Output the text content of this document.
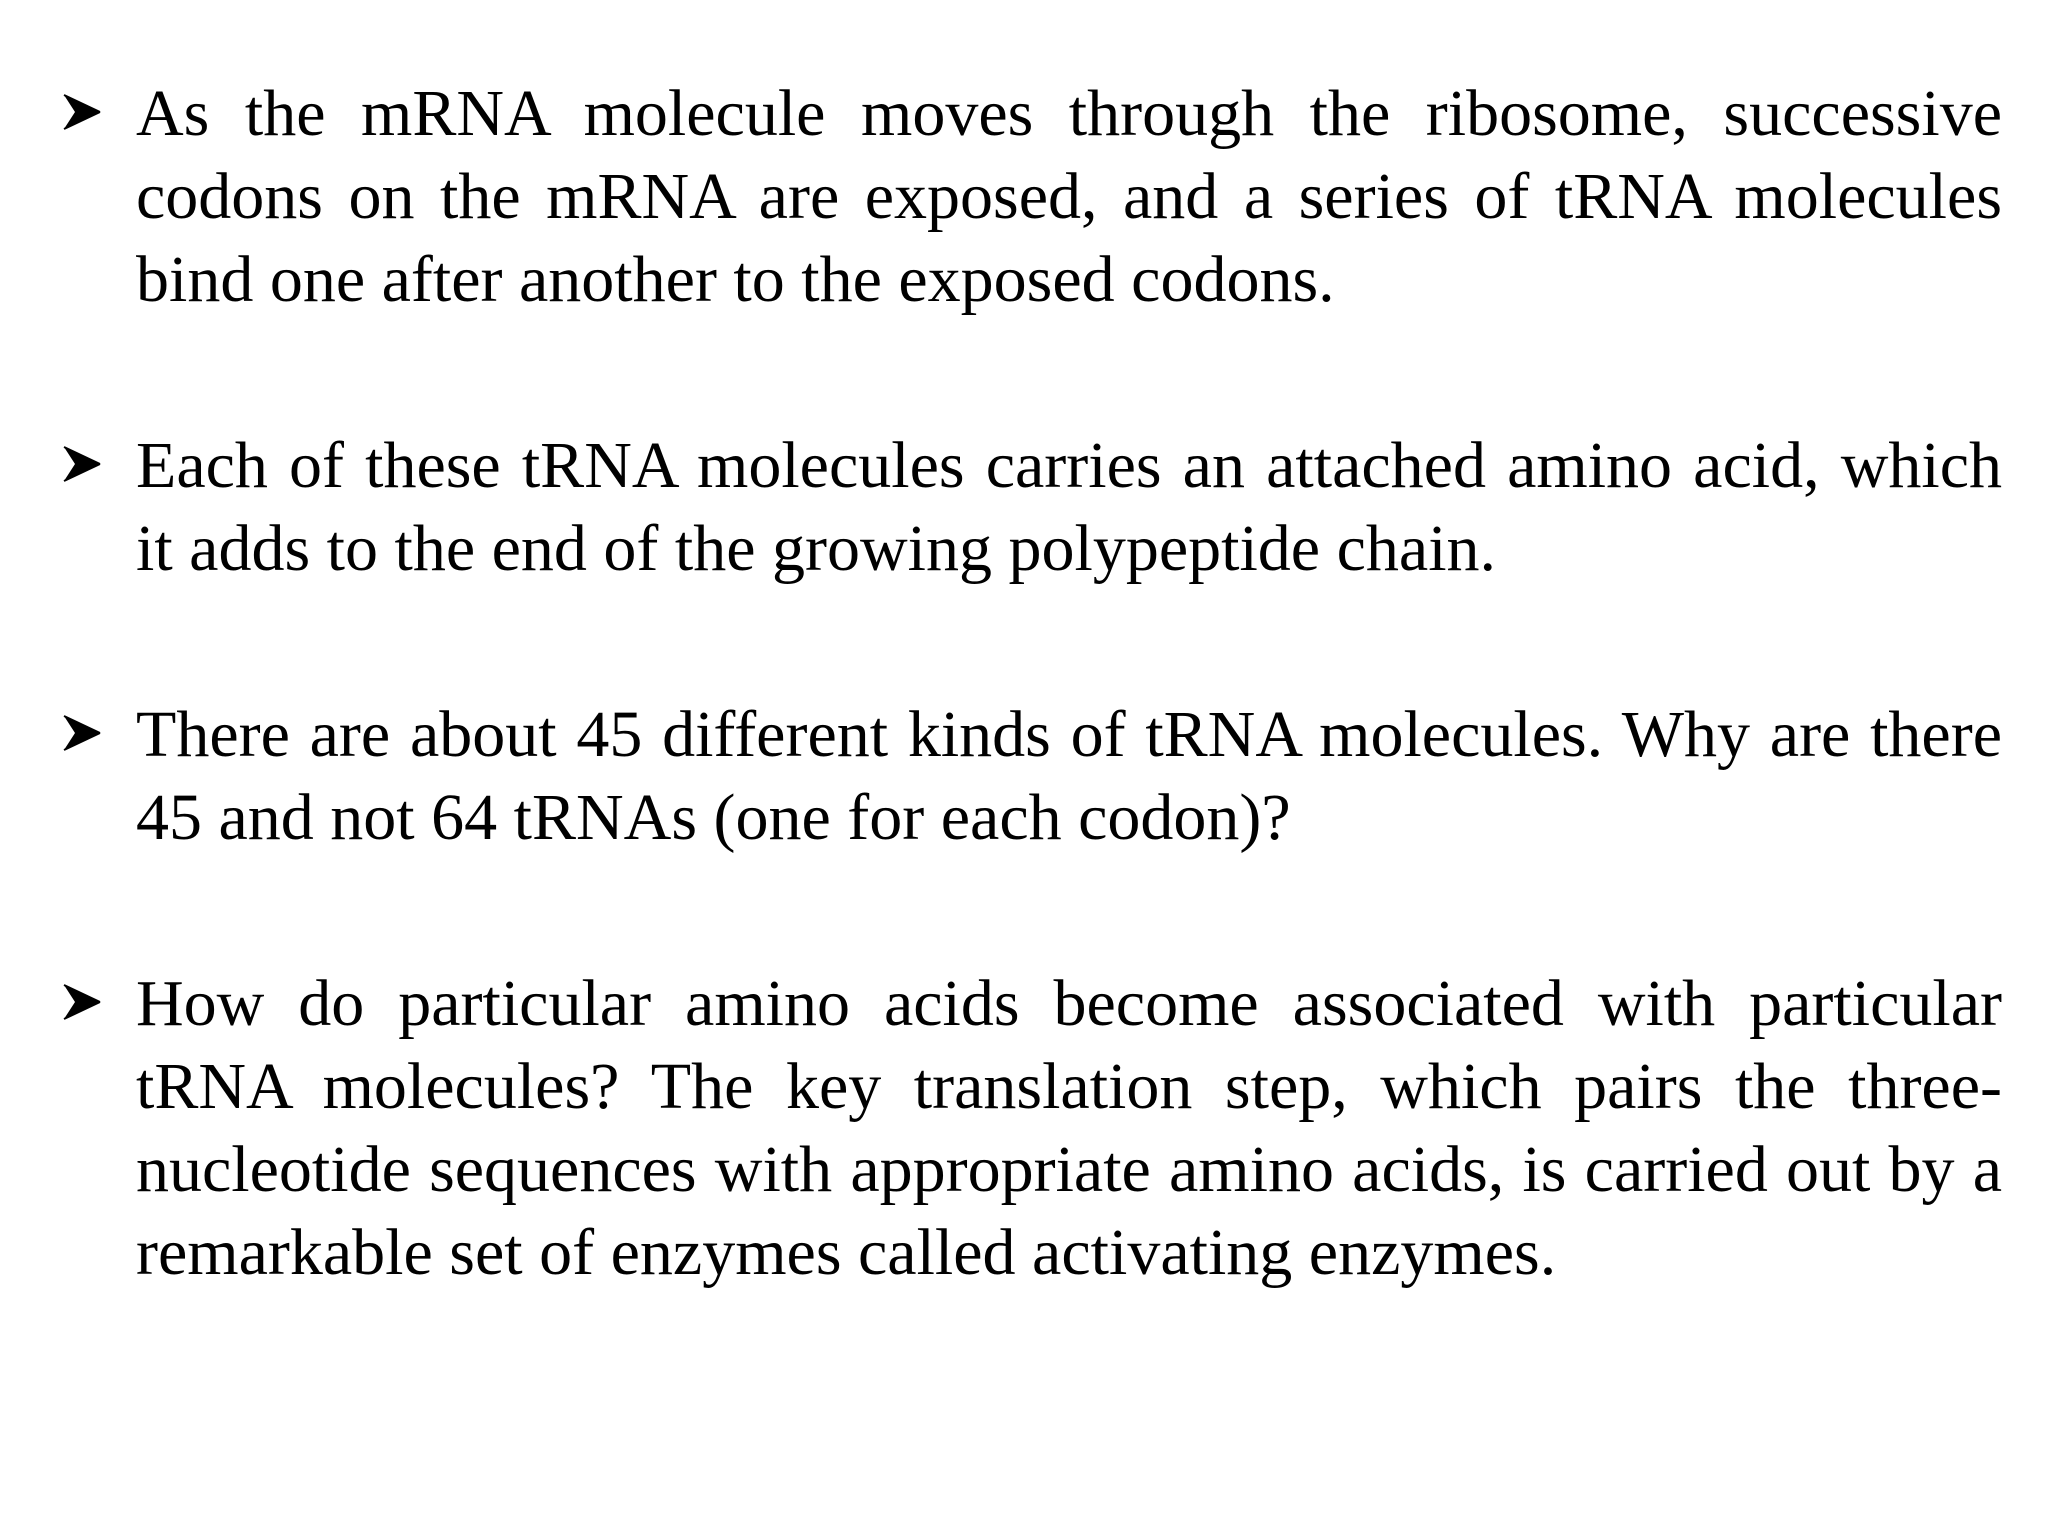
As the mRNA molecule moves through the ribosome, successive codons on the mRNA are exposed, and a series of tRNA molecules bind one after another to the exposed codons.
Each of these tRNA molecules carries an attached amino acid, which it adds to the end of the growing polypeptide chain.
There are about 45 different kinds of tRNA molecules. Why are there 45 and not 64 tRNAs (one for each codon)?
How do particular amino acids become associated with particular tRNA molecules? The key translation step, which pairs the three-nucleotide sequences with appropriate amino acids, is carried out by a remarkable set of enzymes called activating enzymes.
